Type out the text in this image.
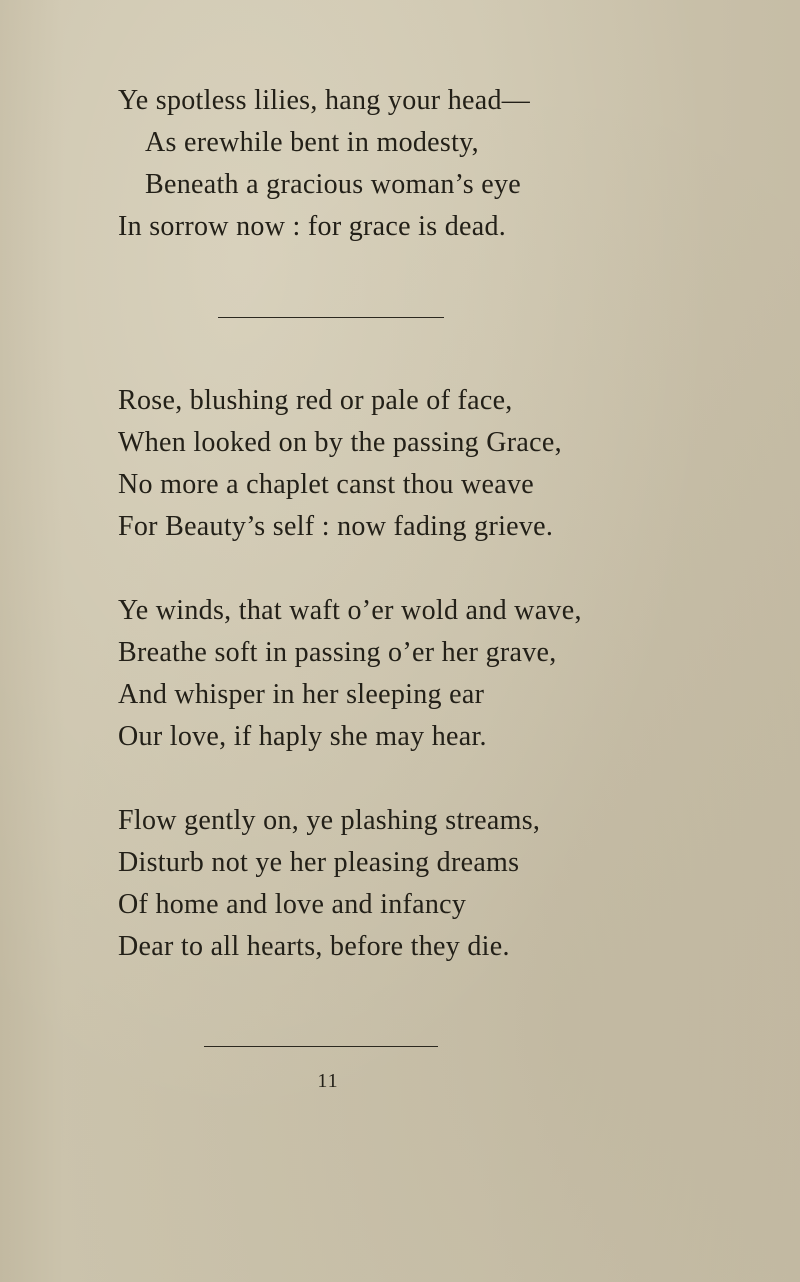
Ye spotless lilies, hang your head—
As erewhile bent in modesty,
Beneath a gracious woman’s eye
In sorrow now : for grace is dead.
Rose, blushing red or pale of face,
When looked on by the passing Grace,
No more a chaplet canst thou weave
For Beauty’s self : now fading grieve.
Ye winds, that waft o’er wold and wave,
Breathe soft in passing o’er her grave,
And whisper in her sleeping ear
Our love, if haply she may hear.
Flow gently on, ye plashing streams,
Disturb not ye her pleasing dreams
Of home and love and infancy
Dear to all hearts, before they die.
11
